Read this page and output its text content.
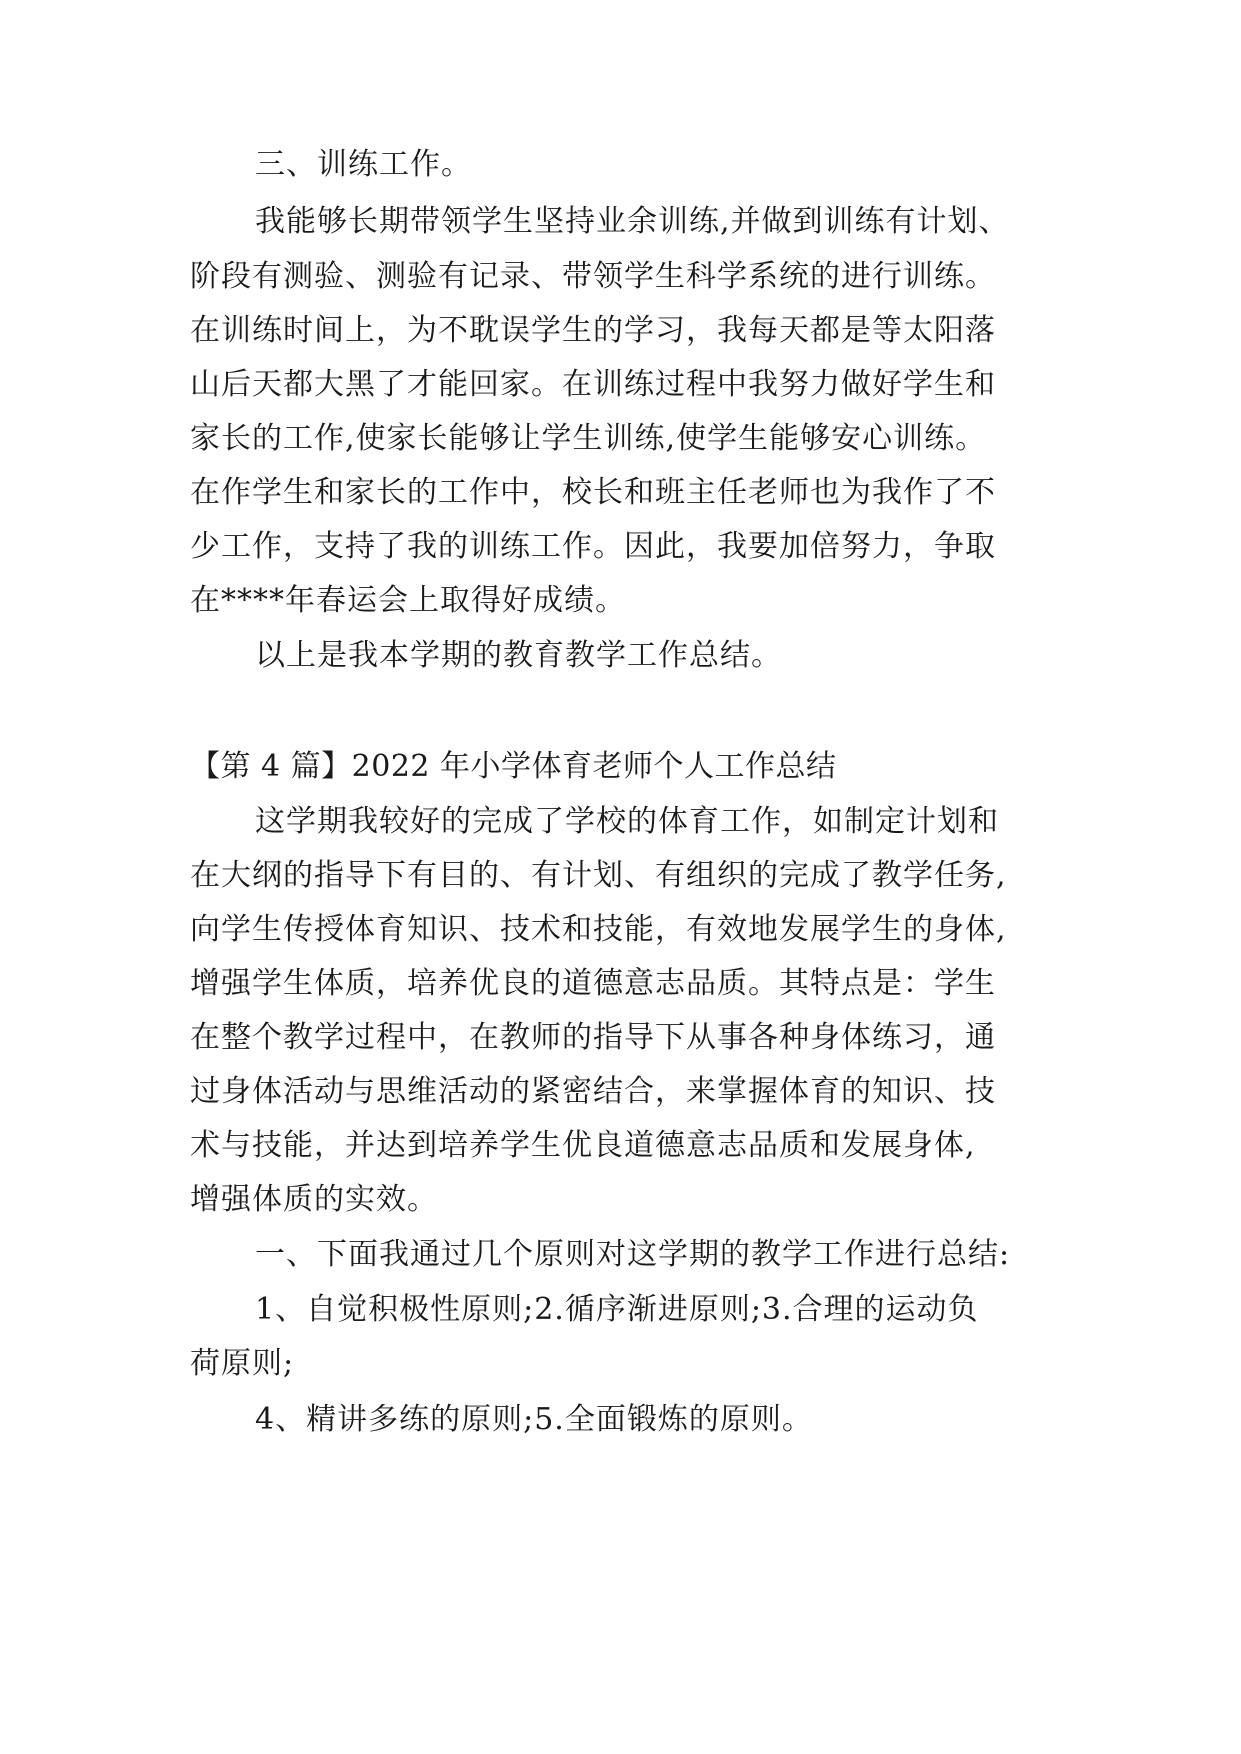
三、训练工作。
我能够长期带领学生坚持业余训练,并做到训练有计划、
阶段有测验、测验有记录、带领学生科学系统的进行训练。
在训练时间上，为不耽误学生的学习，我每天都是等太阳落
山后天都大黑了才能回家。在训练过程中我努力做好学生和
家长的工作,使家长能够让学生训练,使学生能够安心训练。
在作学生和家长的工作中，校长和班主任老师也为我作了不
少工作，支持了我的训练工作。因此，我要加倍努力，争取
在****年春运会上取得好成绩。
以上是我本学期的教育教学工作总结。
【第 4 篇】2022 年小学体育老师个人工作总结
这学期我较好的完成了学校的体育工作，如制定计划和
在大纲的指导下有目的、有计划、有组织的完成了教学任务,
向学生传授体育知识、技术和技能，有效地发展学生的身体,
增强学生体质，培养优良的道德意志品质。其特点是：学生
在整个教学过程中，在教师的指导下从事各种身体练习，通
过身体活动与思维活动的紧密结合，来掌握体育的知识、技
术与技能，并达到培养学生优良道德意志品质和发展身体,
增强体质的实效。
一、下面我通过几个原则对这学期的教学工作进行总结:
1、自觉积极性原则;2.循序渐进原则;3.合理的运动负
荷原则;
4、精讲多练的原则;5.全面锻炼的原则。
